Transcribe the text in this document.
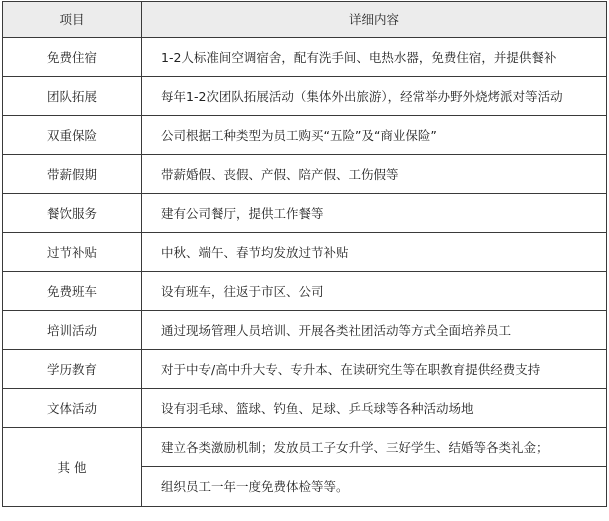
项目	详细内容
免费住宿	1-2人标准间空调宿舍，配有洗手间、电热水器，免费住宿，并提供餐补
团队拓展	每年1-2次团队拓展活动（集体外出旅游），经常举办野外烧烤派对等活动
双重保险	公司根据工种类型为员工购买“五险”及“商业保险”
带薪假期	带薪婚假、丧假、产假、陪产假、工伤假等
餐饮服务	建有公司餐厅，提供工作餐等
过节补贴	中秋、端午、春节均发放过节补贴
免费班车	设有班车，往返于市区、公司
培训活动	通过现场管理人员培训、开展各类社团活动等方式全面培养员工
学历教育	对于中专/高中升大专、专升本、在读研究生等在职教育提供经费支持
文体活动	设有羽毛球、篮球、钓鱼、足球、乒乓球等各种活动场地
其 他	建立各类激励机制；发放员工子女升学、三好学生、结婚等各类礼金；
	组织员工一年一度免费体检等等。
